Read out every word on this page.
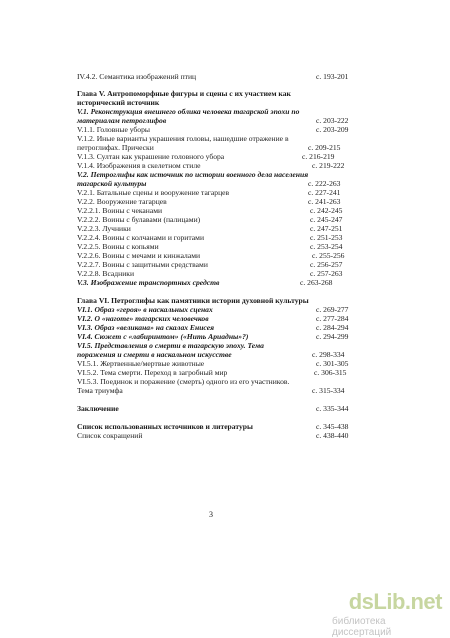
IV.4.2. Семантика изображений птиц	с. 193-201
Глава V. Антропоморфные фигуры и сцены с их участием как
исторический источник
V.1. Реконструкция внешнего облика человека тагарской эпохи по
материалам петроглифов	с. 203-222
V.1.1. Головные уборы	с. 203-209
V.1.2. Иные варианты украшения головы, нашедшие отражение в
петроглифах. Прически	с. 209-215
V.1.3. Султан как украшение головного убора	с. 216-219
V.1.4. Изображения в скелетном стиле	с. 219-222
V.2. Петроглифы как источник по истории военного дела населения
тагарской культуры	с. 222-263
V.2.1. Батальные сцены и вооружение тагарцев	с. 227-241
V.2.2. Вооружение тагарцев	с. 241-263
V.2.2.1. Воины с чеканами	с. 242-245
V.2.2.2. Воины с булавами (палицами)	с. 245-247
V.2.2.3. Лучники	с. 247-251
V.2.2.4. Воины с колчанами и горитами	с. 251-253
V.2.2.5. Воины с копьями	с. 253-254
V.2.2.6. Воины с мечами и кинжалами	с. 255-256
V.2.2.7. Воины с защитными средствами	с. 256-257
V.2.2.8. Всадники	с. 257-263
V.3. Изображение транспортных средств	с. 263-268
Глава VI. Петроглифы как памятники истории духовной культуры
VI.1. Образ «героя» в наскальных сценах	с. 269-277
VI.2. О «наготе» тагарских человечков	с. 277-284
VI.3. Образ «великана» на скалах Енисея	с. 284-294
VI.4. Сюжет с «лабиринтом» («Нить Ариадны»?)	с. 294-299
VI.5. Представления о смерти в тагарскую эпоху. Тема
поражения и смерти в наскальном искусстве	с. 298-334
VI.5.1. Жертвенные/мертвые животные	с. 301-305
VI.5.2. Тема смерти. Переход в загробный мир	с. 306-315
VI.5.3. Поединок и поражение (смерть) одного из его участников.
Тема триумфа	с. 315-334
Заключение	с. 335-344
Список использованных источников и литературы	с. 345-438
Список сокращений	с. 438-440
3
dsLib.net
библиотека диссертаций
